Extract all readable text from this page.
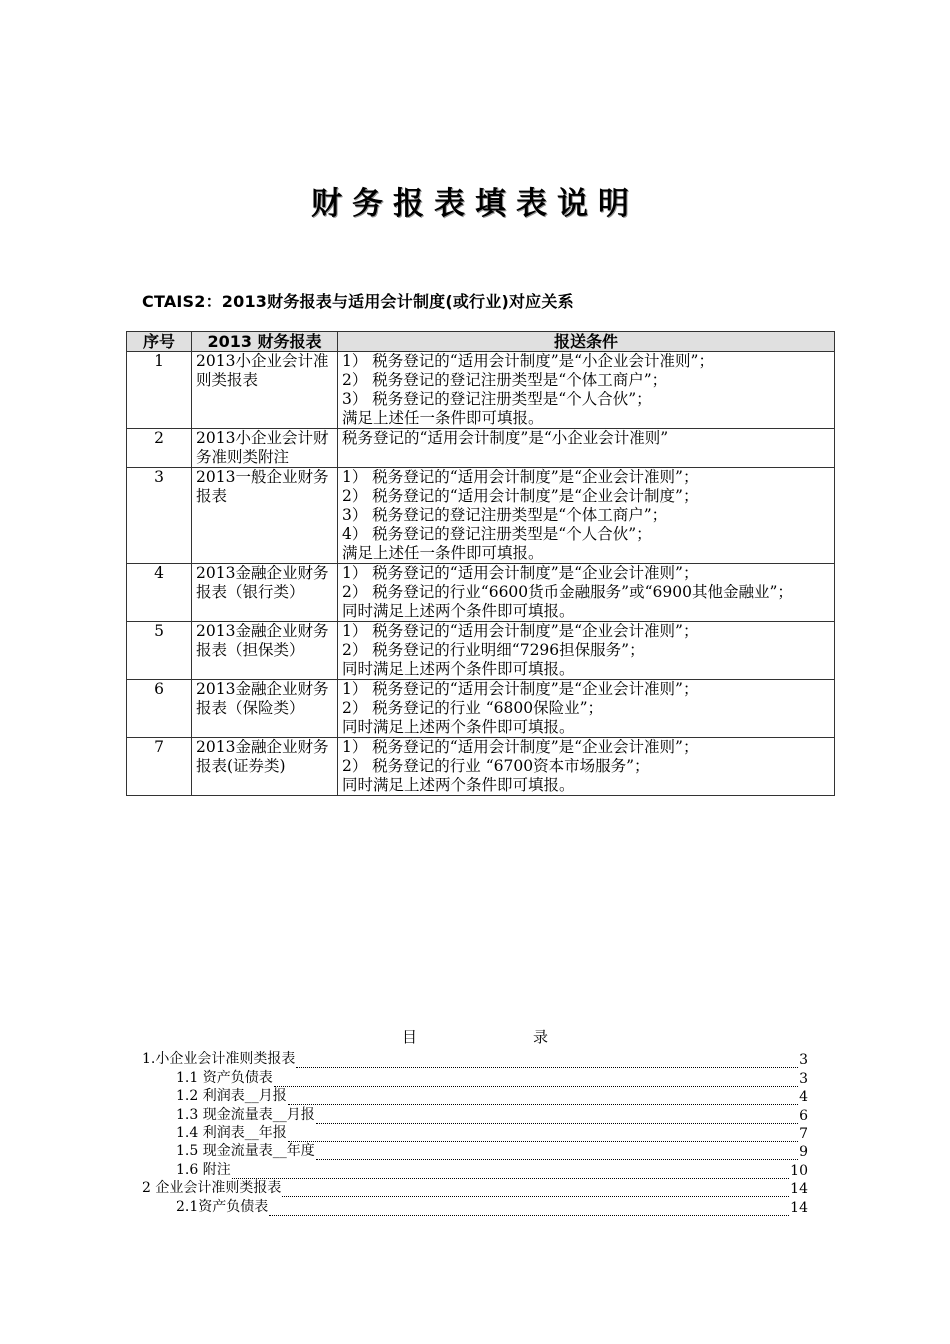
财务报表填表说明
CTAIS2：2013财务报表与适用会计制度(或行业)对应关系
序号	2013 财务报表	报送条件
1	2013小企业会计准则类报表	1） 税务登记的“适用会计制度”是“小企业会计准则”；
2） 税务登记的登记注册类型是“个体工商户”；
3） 税务登记的登记注册类型是“个人合伙”；
满足上述任一条件即可填报。

2	2013小企业会计财务准则类附注	税务登记的“适用会计制度”是“小企业会计准则”

3	2013一般企业财务报表	1） 税务登记的“适用会计制度”是“企业会计准则”；
2） 税务登记的“适用会计制度”是“企业会计制度”；
3） 税务登记的登记注册类型是“个体工商户”；
4） 税务登记的登记注册类型是“个人合伙”；
满足上述任一条件即可填报。

4	2013金融企业财务报表（银行类）	1） 税务登记的“适用会计制度”是“企业会计准则”；
2） 税务登记的行业“6600货币金融服务”或“6900其他金融业”；
同时满足上述两个条件即可填报。

5	2013金融企业财务报表（担保类）	1） 税务登记的“适用会计制度”是“企业会计准则”；
2） 税务登记的行业明细“7296担保服务”；
同时满足上述两个条件即可填报。

6	2013金融企业财务报表（保险类）	1） 税务登记的“适用会计制度”是“企业会计准则”；
2） 税务登记的行业 “6800保险业”；
同时满足上述两个条件即可填报。

7	2013金融企业财务报表(证券类)	1） 税务登记的“适用会计制度”是“企业会计准则”；
2） 税务登记的行业 “6700资本市场服务”；
同时满足上述两个条件即可填报。
目	录
1.小企业会计准则类报表	3
1.1 资产负债表	3
1.2 利润表__月报	4
1.3 现金流量表__月报	6
1.4 利润表__年报	7
1.5 现金流量表__年度	9
1.6 附注	10
2 企业会计准则类报表	14
2.1资产负债表	14
